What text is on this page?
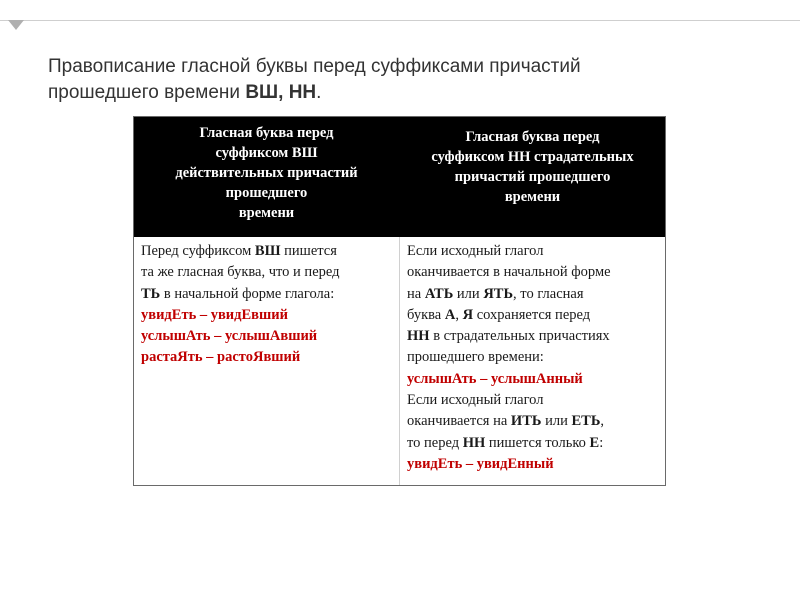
Правописание гласной буквы перед суффиксами причастий прошедшего времени ВШ, НН.
Гласная буква перед
суффиксом ВШ
действительных причастий
прошедшего
времени
Гласная буква перед
суффиксом НН страдательных
причастий прошедшего
времени
Перед суффиксом ВШ пишется
та же гласная буква, что и перед
ТЬ в начальной форме глагола:
увидЕть – увидЕвший
услышАть – услышАвший
растаЯть – растоЯвший
Если исходный глагол
оканчивается в начальной форме
на АТЬ или ЯТЬ, то гласная
буква А, Я сохраняется перед
НН в страдательных причастиях
прошедшего времени:
услышАть – услышАнный
Если исходный глагол
оканчивается на ИТЬ или ЕТЬ,
то перед НН пишется только Е:
увидЕть – увидЕнный
